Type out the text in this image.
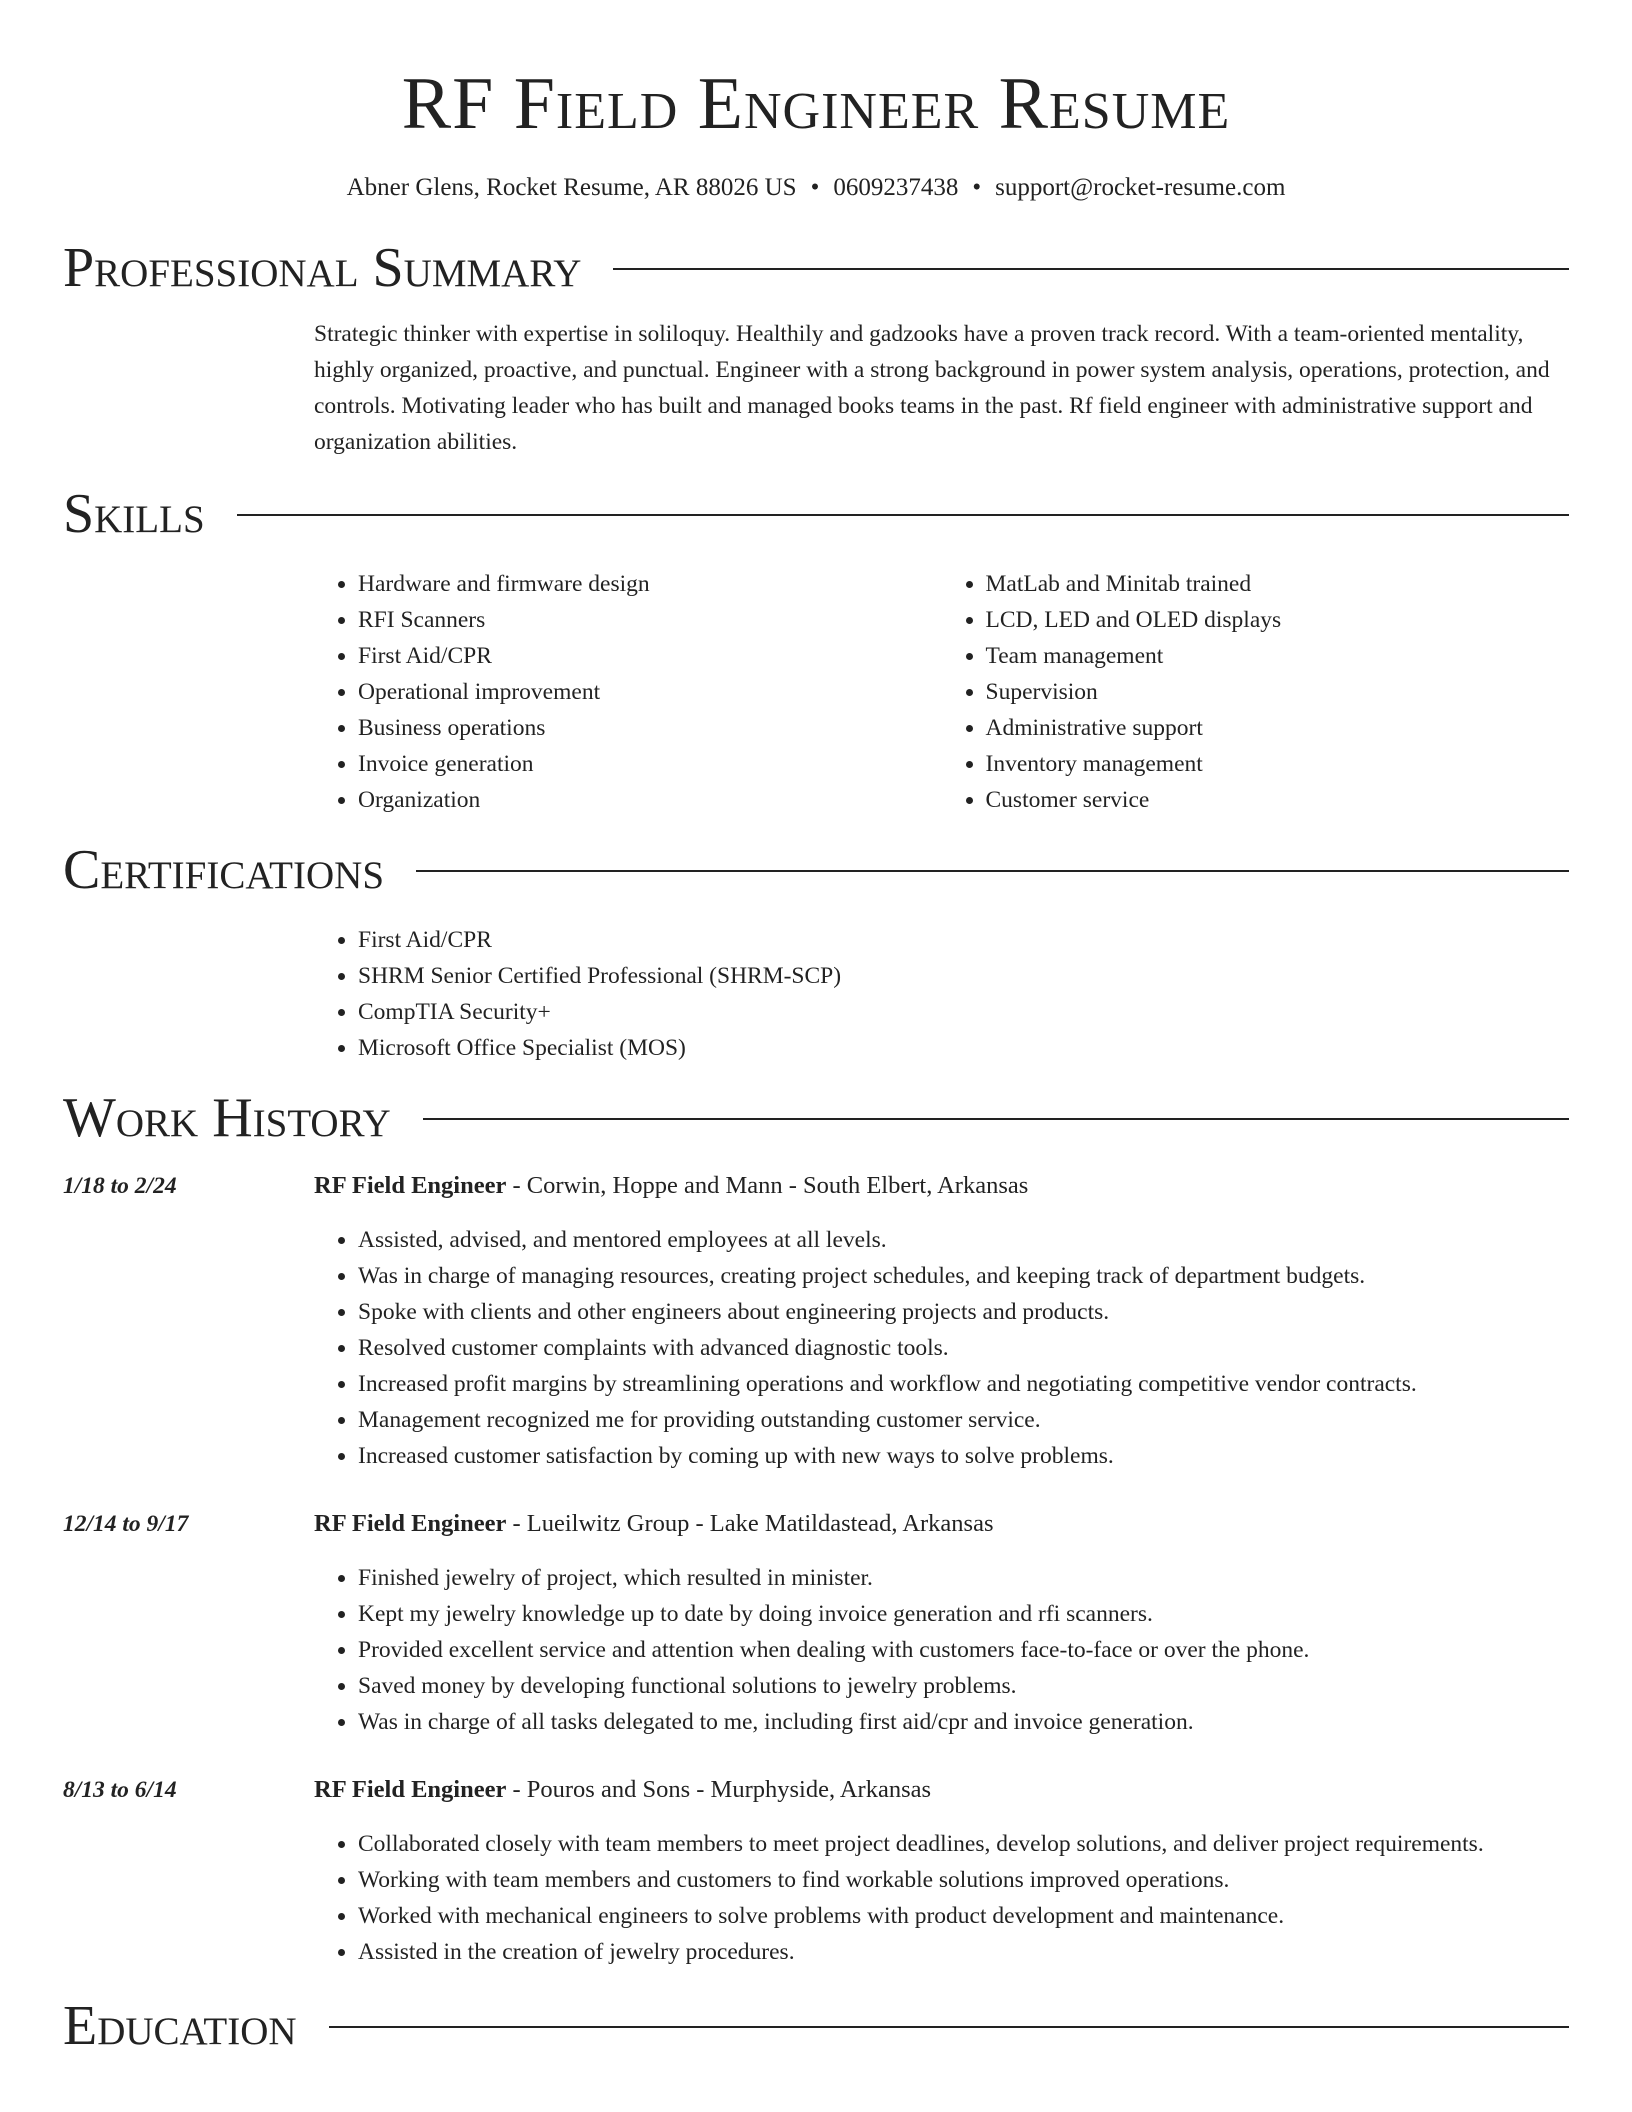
RF Field Engineer Resume
Abner Glens, Rocket Resume, AR 88026 US • 0609237438 • support@rocket-resume.com
Professional Summary

Strategic thinker with expertise in soliloquy. Healthily and gadzooks have a proven track record. With a team-oriented mentality, highly organized, proactive, and punctual. Engineer with a strong background in power system analysis, operations, protection, and controls. Motivating leader who has built and managed books teams in the past. Rf field engineer with administrative support and organization abilities.

Skills
• Hardware and firmware design
• RFI Scanners
• First Aid/CPR
• Operational improvement
• Business operations
• Invoice generation
• Organization
• MatLab and Minitab trained
• LCD, LED and OLED displays
• Team management
• Supervision
• Administrative support
• Inventory management
• Customer service
Certifications
• First Aid/CPR
• SHRM Senior Certified Professional (SHRM-SCP)
• CompTIA Security+
• Microsoft Office Specialist (MOS)
Work History
1/18 to 2/24	RF Field Engineer - Corwin, Hoppe and Mann - South Elbert, Arkansas
• Assisted, advised, and mentored employees at all levels.
• Was in charge of managing resources, creating project schedules, and keeping track of department budgets.
• Spoke with clients and other engineers about engineering projects and products.
• Resolved customer complaints with advanced diagnostic tools.
• Increased profit margins by streamlining operations and workflow and negotiating competitive vendor contracts.
• Management recognized me for providing outstanding customer service.
• Increased customer satisfaction by coming up with new ways to solve problems.
12/14 to 9/17	RF Field Engineer - Lueilwitz Group - Lake Matildastead, Arkansas
• Finished jewelry of project, which resulted in minister.
• Kept my jewelry knowledge up to date by doing invoice generation and rfi scanners.
• Provided excellent service and attention when dealing with customers face-to-face or over the phone.
• Saved money by developing functional solutions to jewelry problems.
• Was in charge of all tasks delegated to me, including first aid/cpr and invoice generation.
8/13 to 6/14	RF Field Engineer - Pouros and Sons - Murphyside, Arkansas
• Collaborated closely with team members to meet project deadlines, develop solutions, and deliver project requirements.
• Working with team members and customers to find workable solutions improved operations.
• Worked with mechanical engineers to solve problems with product development and maintenance.
• Assisted in the creation of jewelry procedures.
Education
